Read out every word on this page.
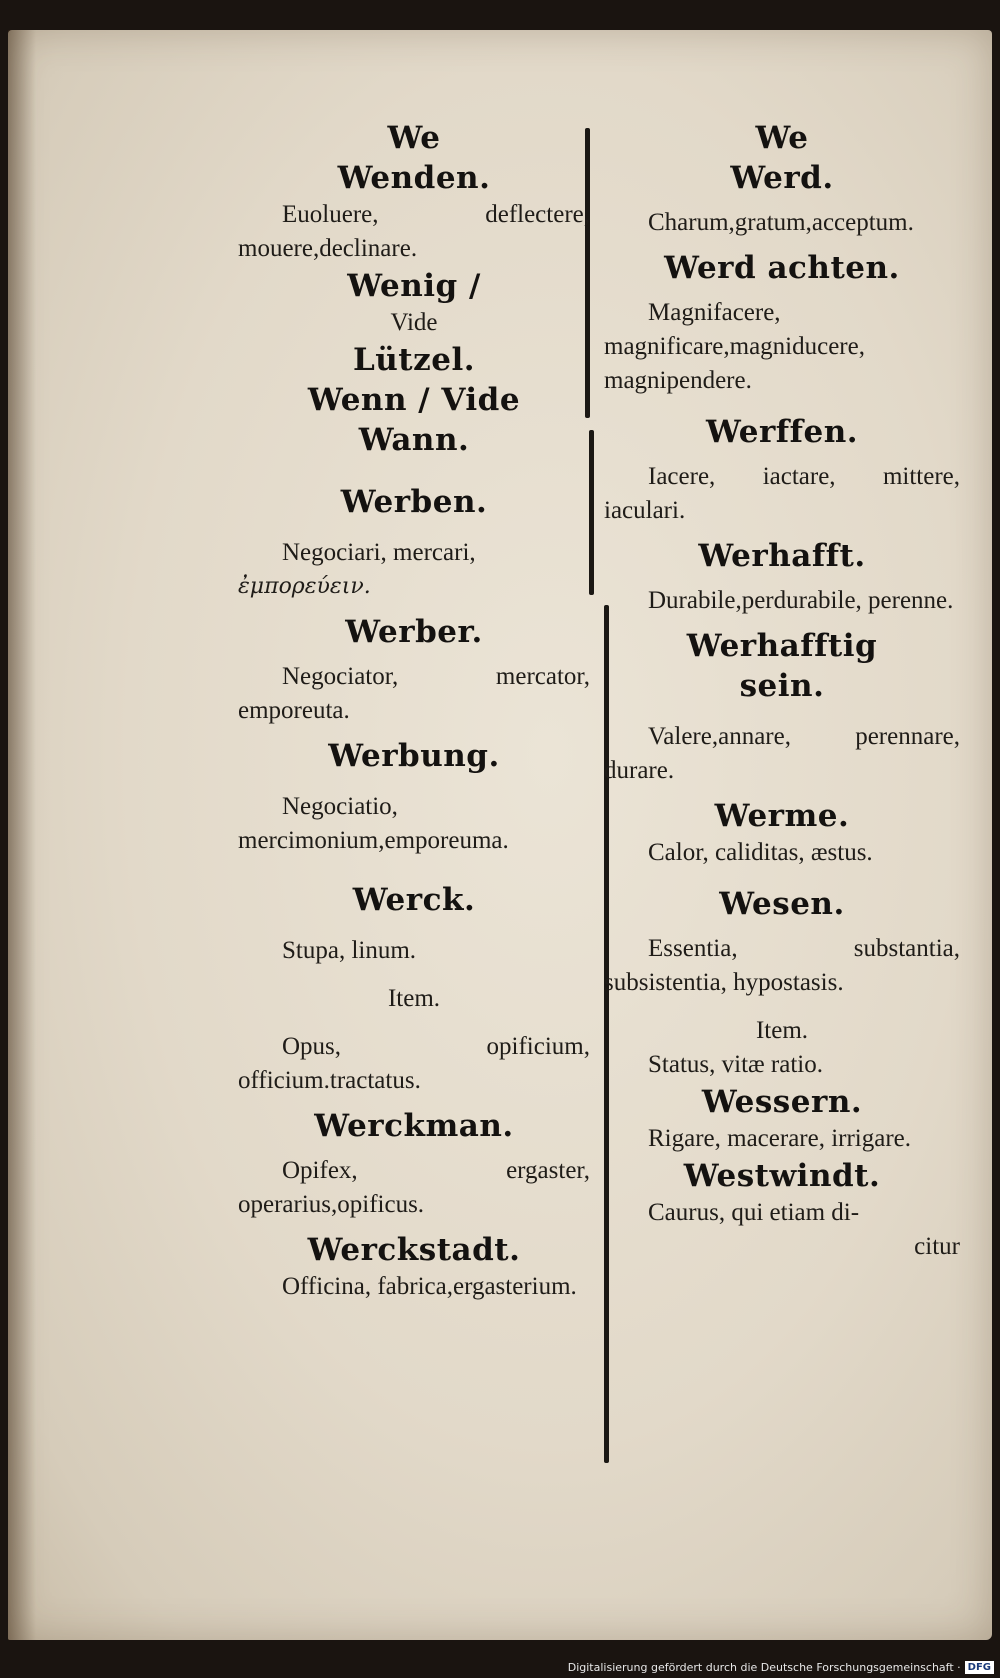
We
Wenden.
Euoluere, deflectere, mouere,declinare.
Wenig /
Vide
Lützel.
Wenn / Vide
Wann.
Werben.
Negociari, mercari,
ἐμπορεύειν.
Werber.
Negociator, mercator, emporeuta.
Werbung.
Negociatio, mercimonium,emporeuma.
Werck.
Stupa, linum.
Item.
Opus, opificium, officium.tractatus.
Werckman.
Opifex, ergaster, operarius,opificus.
Werckstadt.
Officina, fabrica,ergasterium.
We
Werd.
Charum,gratum,acceptum.
Werd achten.
Magnifacere, magnificare,magniducere, magnipendere.
Werffen.
Iacere, iactare, mittere, iaculari.
Werhafft.
Durabile,perdurabile, perenne.
Werhafftig
sein.
Valere,annare, perennare, durare.
Werme.
Calor, caliditas, æstus.
Wesen.
Essentia, substantia, subsistentia, hypostasis.
Item.
Status, vitæ ratio.
Wessern.
Rigare, macerare, irrigare.
Westwindt.
Caurus, qui etiam di-
citur
Digitalisierung gefördert durch die Deutsche Forschungsgemeinschaft · DFG
